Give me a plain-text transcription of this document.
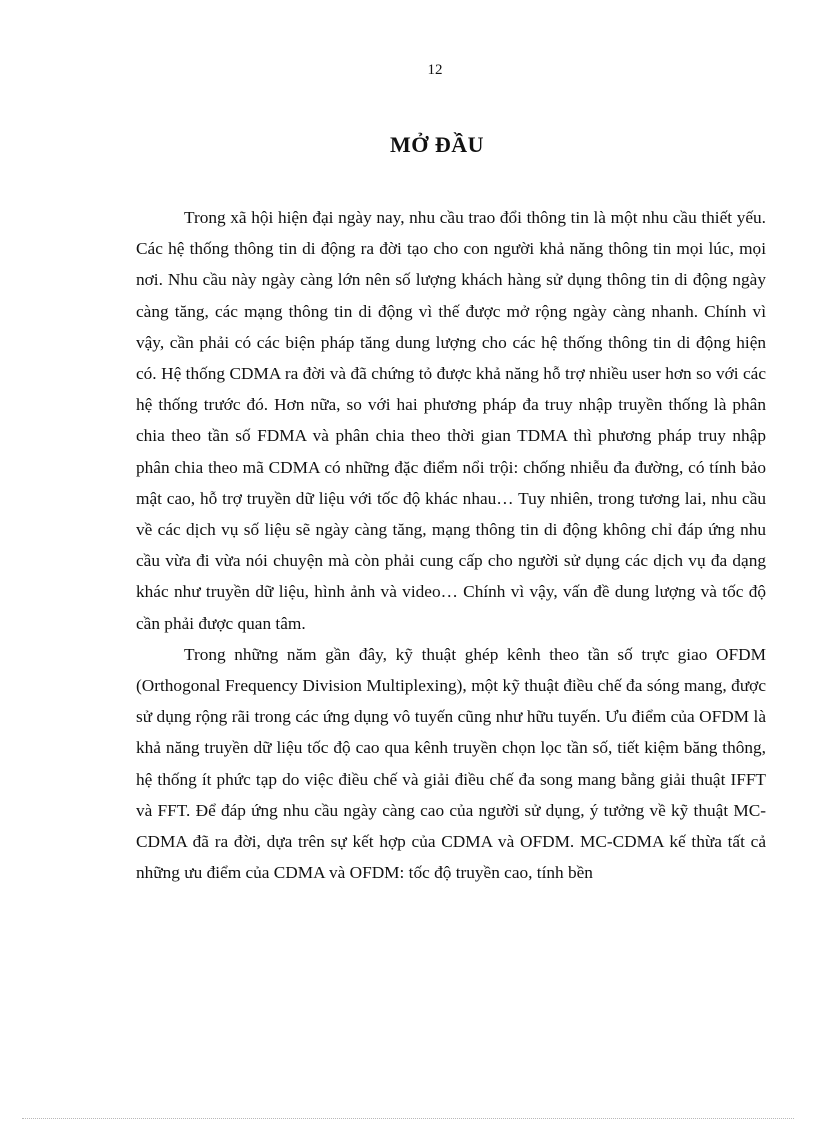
12
MỞ ĐẦU

Trong xã hội hiện đại ngày nay, nhu cầu trao đổi thông tin là một nhu cầu thiết yếu. Các hệ thống thông tin di động ra đời tạo cho con người khả năng thông tin mọi lúc, mọi nơi. Nhu cầu này ngày càng lớn nên số lượng khách hàng sử dụng thông tin di động ngày càng tăng, các mạng thông tin di động vì thế được mở rộng ngày càng nhanh. Chính vì vậy, cần phải có các biện pháp tăng dung lượng cho các hệ thống thông tin di động hiện có. Hệ thống CDMA ra đời và đã chứng tỏ được khả năng hỗ trợ nhiều user hơn so với các hệ thống trước đó. Hơn nữa, so với hai phương pháp đa truy nhập truyền thống là phân chia theo tần số FDMA và phân chia theo thời gian TDMA thì phương pháp truy nhập phân chia theo mã CDMA có những đặc điểm nổi trội: chống nhiễu đa đường, có tính bảo mật cao, hỗ trợ truyền dữ liệu với tốc độ khác nhau… Tuy nhiên, trong tương lai, nhu cầu về các dịch vụ số liệu sẽ ngày càng tăng, mạng thông tin di động không chỉ đáp ứng nhu cầu vừa đi vừa nói chuyện mà còn phải cung cấp cho người sử dụng các dịch vụ đa dạng khác như truyền dữ liệu, hình ảnh và video… Chính vì vậy, vấn đề dung lượng và tốc độ cần phải được quan tâm.

Trong những năm gần đây, kỹ thuật ghép kênh theo tần số trực giao OFDM (Orthogonal Frequency Division Multiplexing), một kỹ thuật điều chế đa sóng mang, được sử dụng rộng rãi trong các ứng dụng vô tuyến cũng như hữu tuyến. Ưu điểm của OFDM là khả năng truyền dữ liệu tốc độ cao qua kênh truyền chọn lọc tần số, tiết kiệm băng thông, hệ thống ít phức tạp do việc điều chế và giải điều chế đa song mang bằng giải thuật IFFT và FFT. Để đáp ứng nhu cầu ngày càng cao của người sử dụng, ý tưởng về kỹ thuật MC-CDMA đã ra đời, dựa trên sự kết hợp của CDMA và OFDM. MC-CDMA kế thừa tất cả những ưu điểm của CDMA và OFDM: tốc độ truyền cao, tính bền
